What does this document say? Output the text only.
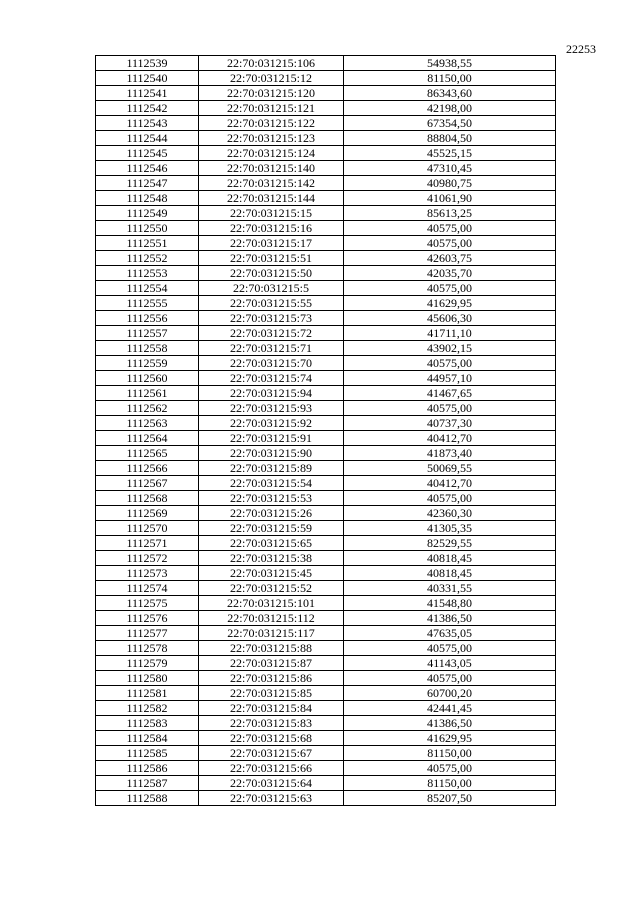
22253
1112539	22:70:031215:106	54938,55
1112540	22:70:031215:12	81150,00
1112541	22:70:031215:120	86343,60
1112542	22:70:031215:121	42198,00
1112543	22:70:031215:122	67354,50
1112544	22:70:031215:123	88804,50
1112545	22:70:031215:124	45525,15
1112546	22:70:031215:140	47310,45
1112547	22:70:031215:142	40980,75
1112548	22:70:031215:144	41061,90
1112549	22:70:031215:15	85613,25
1112550	22:70:031215:16	40575,00
1112551	22:70:031215:17	40575,00
1112552	22:70:031215:51	42603,75
1112553	22:70:031215:50	42035,70
1112554	22:70:031215:5	40575,00
1112555	22:70:031215:55	41629,95
1112556	22:70:031215:73	45606,30
1112557	22:70:031215:72	41711,10
1112558	22:70:031215:71	43902,15
1112559	22:70:031215:70	40575,00
1112560	22:70:031215:74	44957,10
1112561	22:70:031215:94	41467,65
1112562	22:70:031215:93	40575,00
1112563	22:70:031215:92	40737,30
1112564	22:70:031215:91	40412,70
1112565	22:70:031215:90	41873,40
1112566	22:70:031215:89	50069,55
1112567	22:70:031215:54	40412,70
1112568	22:70:031215:53	40575,00
1112569	22:70:031215:26	42360,30
1112570	22:70:031215:59	41305,35
1112571	22:70:031215:65	82529,55
1112572	22:70:031215:38	40818,45
1112573	22:70:031215:45	40818,45
1112574	22:70:031215:52	40331,55
1112575	22:70:031215:101	41548,80
1112576	22:70:031215:112	41386,50
1112577	22:70:031215:117	47635,05
1112578	22:70:031215:88	40575,00
1112579	22:70:031215:87	41143,05
1112580	22:70:031215:86	40575,00
1112581	22:70:031215:85	60700,20
1112582	22:70:031215:84	42441,45
1112583	22:70:031215:83	41386,50
1112584	22:70:031215:68	41629,95
1112585	22:70:031215:67	81150,00
1112586	22:70:031215:66	40575,00
1112587	22:70:031215:64	81150,00
1112588	22:70:031215:63	85207,50
